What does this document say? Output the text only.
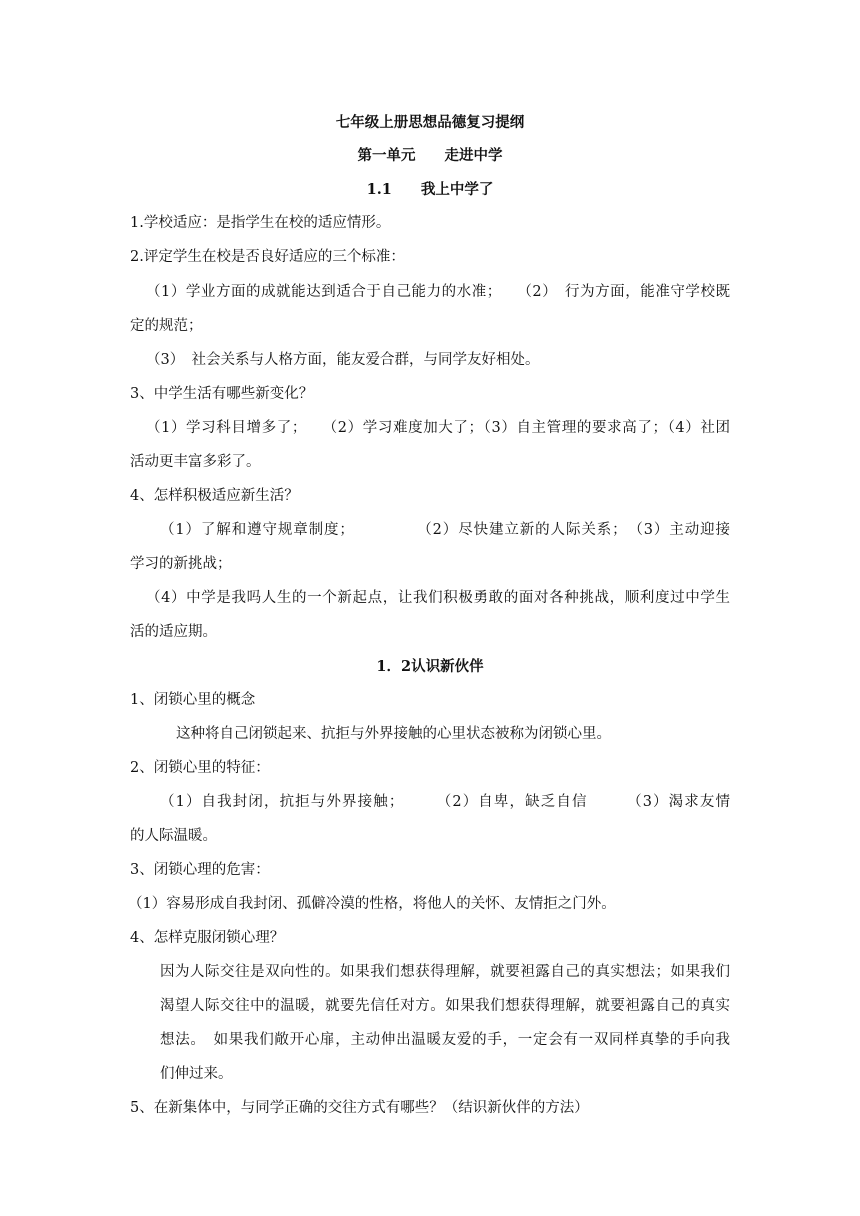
七年级上册思想品德复习提纲
第一单元　　走进中学
1.1　　我上中学了
1.学校适应：是指学生在校的适应情形。
2.评定学生在校是否良好适应的三个标准：
（1）学业方面的成就能达到适合于自己能力的水准；　　（2）　行为方面，能准守学校既
定的规范；
（3）　社会关系与人格方面，能友爱合群，与同学友好相处。
3、中学生活有哪些新变化？
（1）学习科目增多了；　　（2）学习难度加大了；（3）自主管理的要求高了；（4）社团
活动更丰富多彩了。
4、怎样积极适应新生活？
（1）了解和遵守规章制度；　　　　　（2）尽快建立新的人际关系；　（3）主动迎接
学习的新挑战；
（4）中学是我吗人生的一个新起点，让我们积极勇敢的面对各种挑战，顺利度过中学生
活的适应期。
1．2认识新伙伴
1、闭锁心里的概念
这种将自己闭锁起来、抗拒与外界接触的心里状态被称为闭锁心里。
2、闭锁心里的特征：
（1）自我封闭，抗拒与外界接触；　　　（2）自卑，缺乏自信　　　（3）渴求友情
的人际温暖。
3、闭锁心理的危害：
（1）容易形成自我封闭、孤僻冷漠的性格，将他人的关怀、友情拒之门外。
4、怎样克服闭锁心理？
因为人际交往是双向性的。如果我们想获得理解，就要袒露自己的真实想法；如果我们
渴望人际交往中的温暖，就要先信任对方。如果我们想获得理解，就要袒露自己的真实
想法。　如果我们敞开心扉，主动伸出温暖友爱的手，一定会有一双同样真挚的手向我
们伸过来。
5、在新集体中，与同学正确的交往方式有哪些？（结识新伙伴的方法）
